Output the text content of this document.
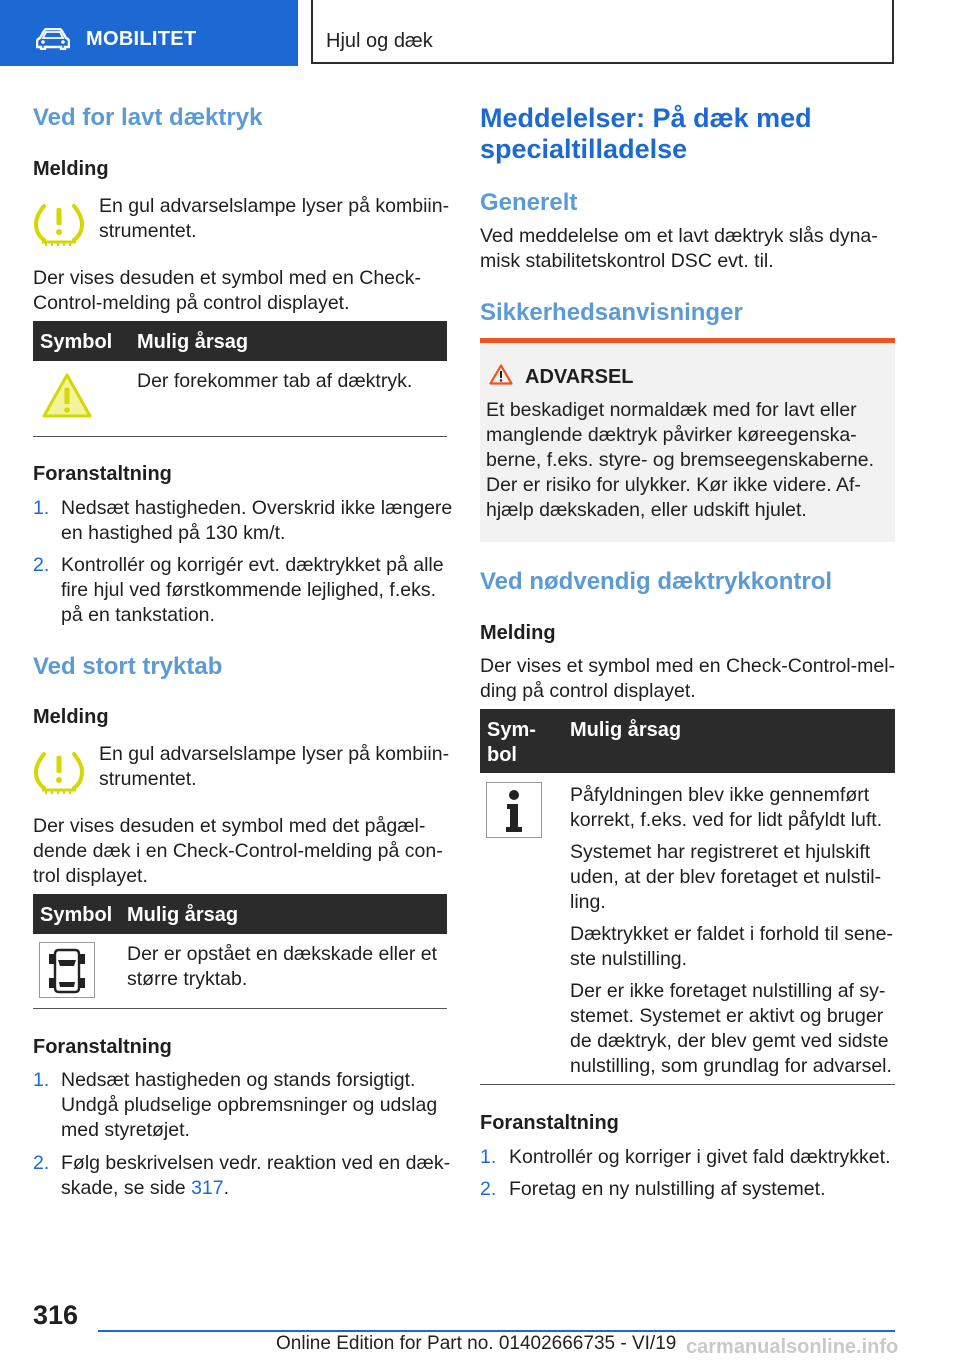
MOBILITET	Hjul og dæk
Ved for lavt dæktryk
Melding
En gul advarselslampe lyser på kombiin-
strumentet.
Der vises desuden et symbol med en Check-
Control-melding på control displayet.
Symbol Mulig årsag
Der forekommer tab af dæktryk.
Foranstaltning
1. Nedsæt hastigheden. Overskrid ikke længere
en hastighed på 130 km/t.
2. Kontrollér og korrigér evt. dæktrykket på alle
fire hjul ved førstkommende lejlighed, f.eks.
på en tankstation.
Ved stort tryktab
Melding
En gul advarselslampe lyser på kombiin-
strumentet.
Der vises desuden et symbol med det pågæl-
dende dæk i en Check-Control-melding på con-
trol displayet.
Symbol Mulig årsag
Der er opstået en dækskade eller et
større tryktab.
Foranstaltning
1. Nedsæt hastigheden og stands forsigtigt.
Undgå pludselige opbremsninger og udslag
med styretøjet.
2. Følg beskrivelsen vedr. reaktion ved en dæk-
skade, se side 317.
Meddelelser: På dæk med
specialtilladelse
Generelt
Ved meddelelse om et lavt dæktryk slås dyna-
misk stabilitetskontrol DSC evt. til.
Sikkerhedsanvisninger
ADVARSEL
Et beskadiget normaldæk med for lavt eller
manglende dæktryk påvirker køreegenska-
berne, f.eks. styre- og bremseegenskaberne.
Der er risiko for ulykker. Kør ikke videre. Af-
hjælp dækskaden, eller udskift hjulet.
Ved nødvendig dæktrykkontrol
Melding
Der vises et symbol med en Check-Control-mel-
ding på control displayet.
Sym-
bol
Mulig årsag
Påfyldningen blev ikke gennemført
korrekt, f.eks. ved for lidt påfyldt luft.
Systemet har registreret et hjulskift
uden, at der blev foretaget et nulstil-
ling.
Dæktrykket er faldet i forhold til sene-
ste nulstilling.
Der er ikke foretaget nulstilling af sy-
stemet. Systemet er aktivt og bruger
de dæktryk, der blev gemt ved sidste
nulstilling, som grundlag for advarsel.
Foranstaltning
1. Kontrollér og korriger i givet fald dæktrykket.
2. Foretag en ny nulstilling af systemet.
316
Online Edition for Part no. 01402666735 - VI/19 carmanualsonline.info
